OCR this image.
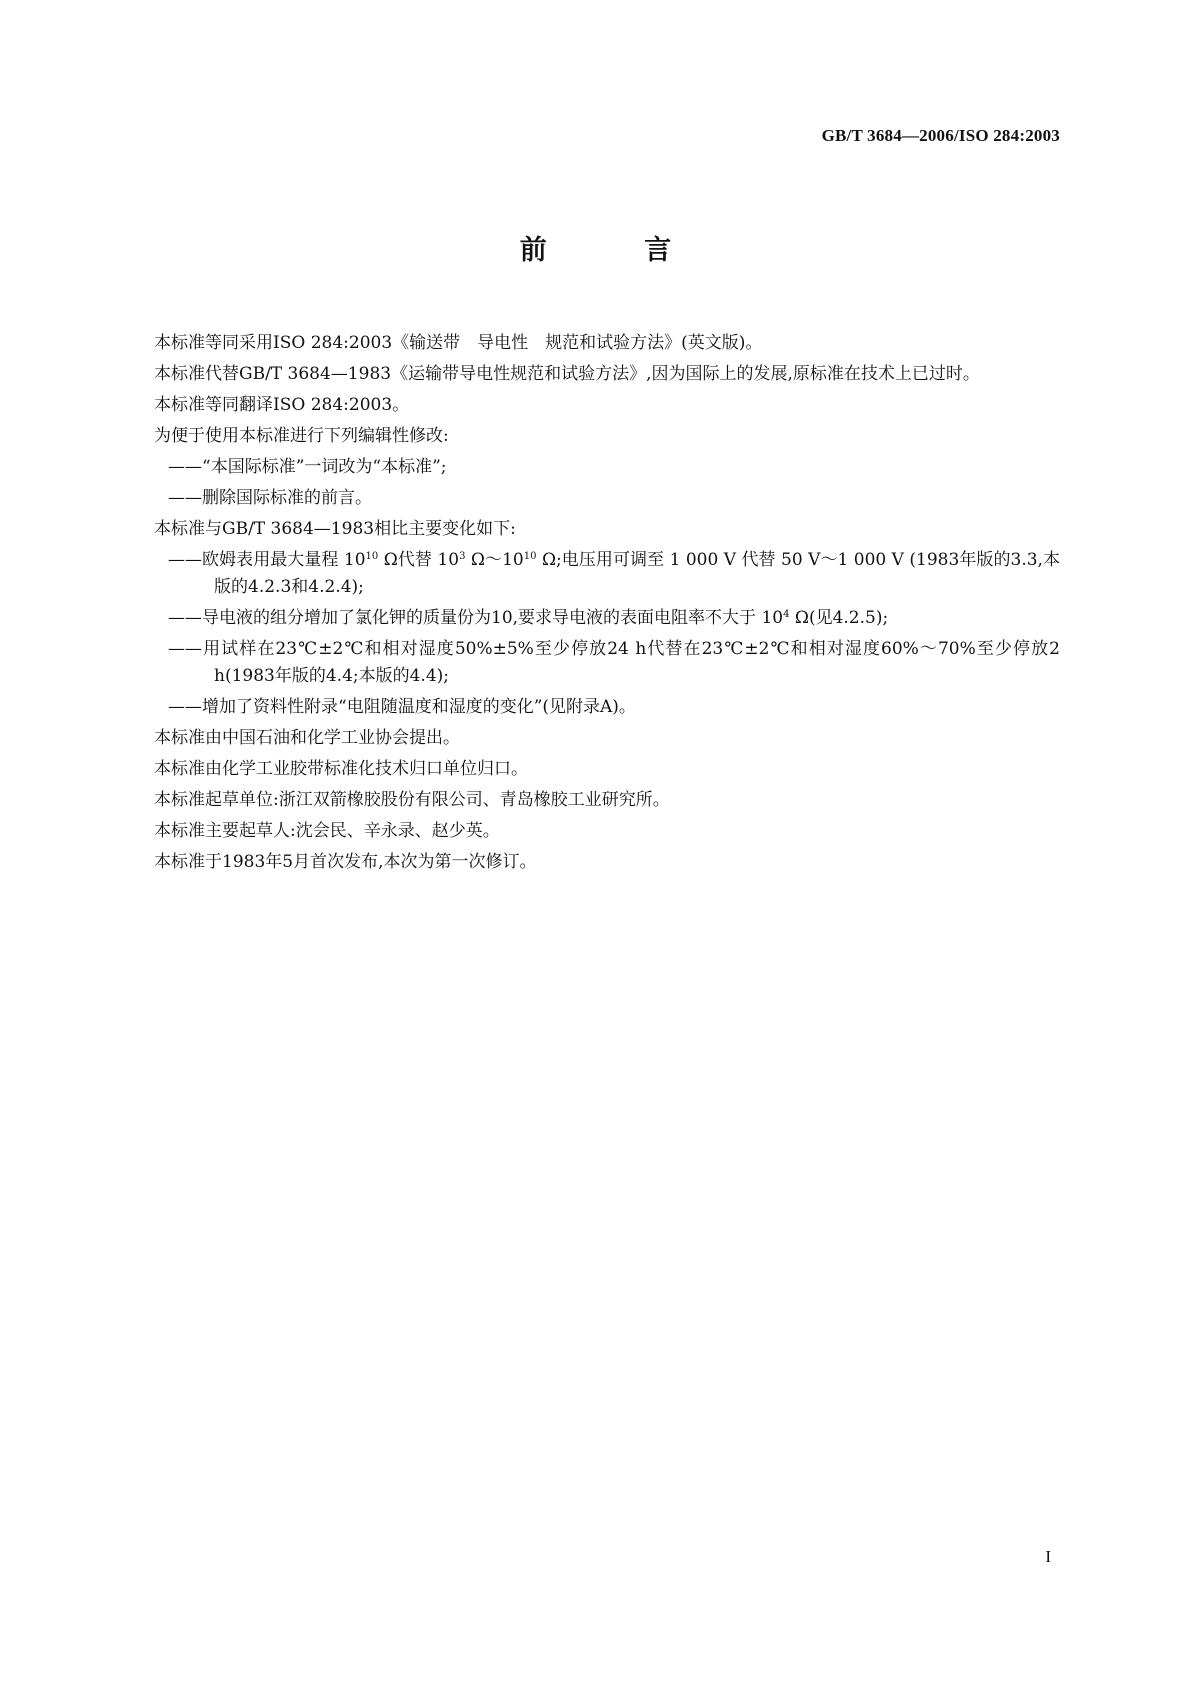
GB/T 3684—2006/ISO 284:2003
前 言

本标准等同采用ISO 284:2003《输送带　导电性　规范和试验方法》(英文版)。

本标准代替GB/T 3684—1983《运输带导电性规范和试验方法》,因为国际上的发展,原标准在技术上已过时。

本标准等同翻译ISO 284:2003。

为便于使用本标准进行下列编辑性修改:

——“本国际标准”一词改为“本标准”;

——删除国际标准的前言。

本标准与GB/T 3684—1983相比主要变化如下:

——欧姆表用最大量程 $10^{10}$ Ω代替 $10^3$ $\Omega\sim 10^{10}$ Ω;电压用可调至 1 000 V 代替 50 V～1 000 V (1983年版的3.3,本版的4.2.3和4.2.4);

——导电液的组分增加了氯化钾的质量份为10,要求导电液的表面电阻率不大于 $10^4$ Ω(见4.2.5);

——用试样在23℃±2℃和相对湿度50%±5%至少停放24 h代替在23℃±2℃和相对湿度60%～70%至少停放2 h(1983年版的4.4;本版的4.4);

——增加了资料性附录“电阻随温度和湿度的变化”(见附录A)。

本标准由中国石油和化学工业协会提出。

本标准由化学工业胶带标准化技术归口单位归口。

本标准起草单位:浙江双箭橡胶股份有限公司、青岛橡胶工业研究所。

本标准主要起草人:沈会民、辛永录、赵少英。

本标准于1983年5月首次发布,本次为第一次修订。

I
